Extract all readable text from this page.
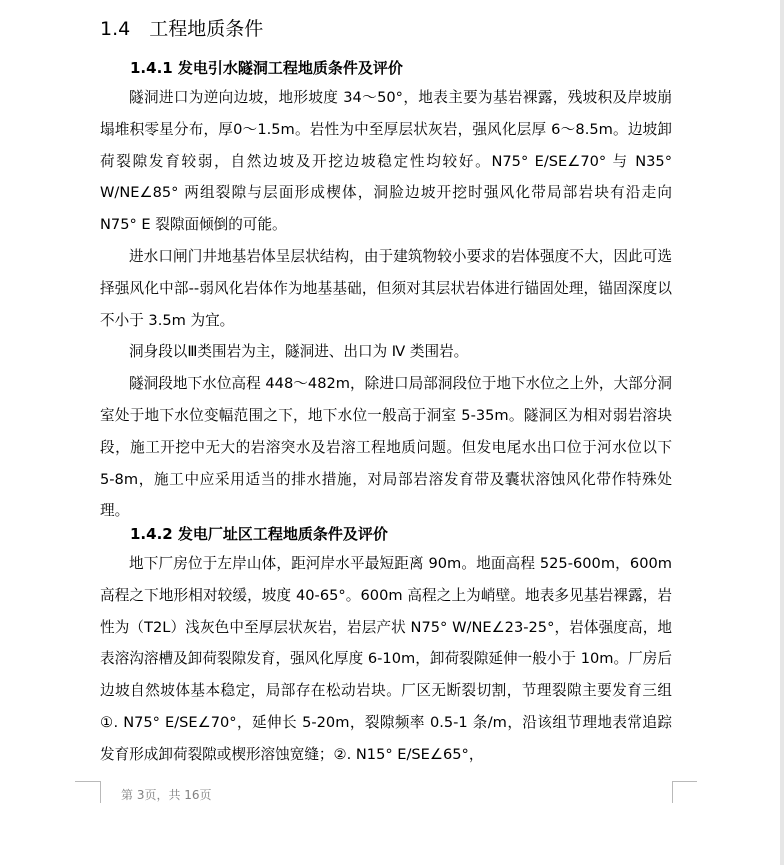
1.4　工程地质条件
1.4.1 发电引水隧洞工程地质条件及评价

隧洞进口为逆向边坡，地形坡度 34～50°，地表主要为基岩裸露，残坡积及岸坡崩塌堆积零星分布，厚0～1.5m。岩性为中至厚层状灰岩，强风化层厚 6～8.5m。边坡卸荷裂隙发育较弱，自然边坡及开挖边坡稳定性均较好。N75° E/SE∠70° 与 N35° W/NE∠85° 两组裂隙与层面形成楔体，洞脸边坡开挖时强风化带局部岩块有沿走向 N75° E 裂隙面倾倒的可能。

进水口闸门井地基岩体呈层状结构，由于建筑物较小要求的岩体强度不大，因此可选择强风化中部--弱风化岩体作为地基基础，但须对其层状岩体进行锚固处理，锚固深度以不小于 3.5m 为宜。

洞身段以Ⅲ类围岩为主，隧洞进、出口为 Ⅳ 类围岩。

隧洞段地下水位高程 448～482m，除进口局部洞段位于地下水位之上外，大部分洞室处于地下水位变幅范围之下，地下水位一般高于洞室 5-35m。隧洞区为相对弱岩溶块段，施工开挖中无大的岩溶突水及岩溶工程地质问题。但发电尾水出口位于河水位以下 5-8m，施工中应采用适当的排水措施，对局部岩溶发育带及囊状溶蚀风化带作特殊处理。

1.4.2 发电厂址区工程地质条件及评价

地下厂房位于左岸山体，距河岸水平最短距离 90m。地面高程 525-600m，600m 高程之下地形相对较缓，坡度 40-65°。600m 高程之上为峭壁。地表多见基岩裸露，岩性为（T2L）浅灰色中至厚层状灰岩，岩层产状 N75° W/NE∠23-25°，岩体强度高，地表溶沟溶槽及卸荷裂隙发育，强风化厚度 6-10m，卸荷裂隙延伸一般小于 10m。厂房后边坡自然坡体基本稳定，局部存在松动岩块。厂区无断裂切割，节理裂隙主要发育三组①. N75° E/SE∠70°，延伸长 5-20m，裂隙频率 0.5-1 条/m，沿该组节理地表常追踪发育形成卸荷裂隙或楔形溶蚀宽缝；②. N15° E/SE∠65°，

第 3页，共 16页
